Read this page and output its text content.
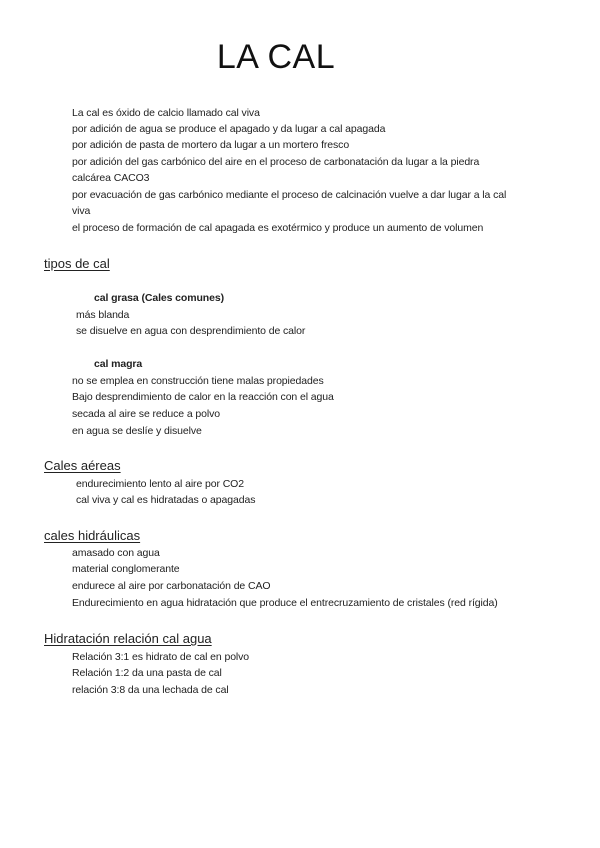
LA CAL
La cal es óxido de calcio llamado cal viva
por adición de agua se produce el apagado y da lugar a cal apagada
por adición de pasta de mortero da lugar a un mortero fresco
por adición del gas carbónico del aire en el proceso de carbonatación da lugar a la piedra
calcárea CACO3
por evacuación de gas carbónico mediante el proceso de calcinación vuelve a dar lugar a la cal
viva
el proceso de formación de cal apagada es exotérmico y produce un aumento de volumen
tipos de cal
cal grasa (Cales comunes)
más blanda
se disuelve en agua con desprendimiento de calor
cal magra
no se emplea en construcción tiene malas propiedades
Bajo desprendimiento de calor en la reacción con el agua
secada al aire se reduce a polvo
en agua se deslíe y disuelve
Cales aéreas
endurecimiento lento al aire por CO2
cal viva y cal es hidratadas o apagadas
cales hidráulicas
amasado con agua
material conglomerante
endurece al aire por carbonatación de CAO
Endurecimiento en agua hidratación que produce el entrecruzamiento de cristales (red rígida)
Hidratación relación cal agua
Relación 3:1 es hidrato de cal en polvo
Relación 1:2 da una pasta de cal
relación 3:8 da una lechada de cal
